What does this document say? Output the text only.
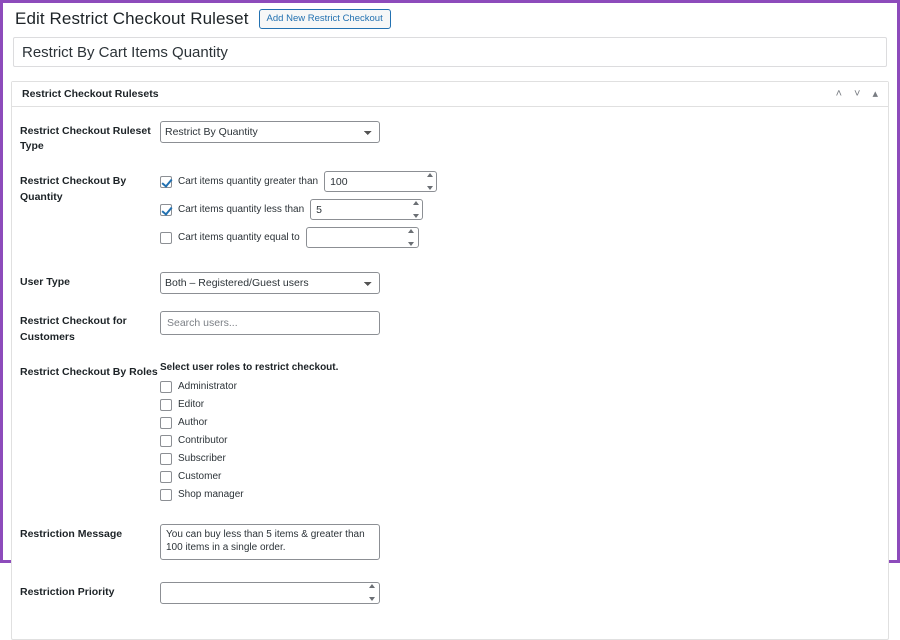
Edit Restrict Checkout Ruleset	Add New Restrict Checkout
Restrict By Cart Items Quantity
Restrict Checkout Rulesets	˄ ˅ ▴
Restrict Checkout Ruleset Type
Restrict By Quantity
Restrict Checkout By Quantity
Cart items quantity greater than
100
Cart items quantity less than
5
Cart items quantity equal to
User Type
Both – Registered/Guest users
Restrict Checkout for Customers
Search users...
Restrict Checkout By Roles Select user roles to restrict checkout.
Administrator
Editor
Author
Contributor
Subscriber
Customer
Shop manager
Restriction Message
You can buy less than 5 items & greater than 100 items in a single order.
Restriction Priority
